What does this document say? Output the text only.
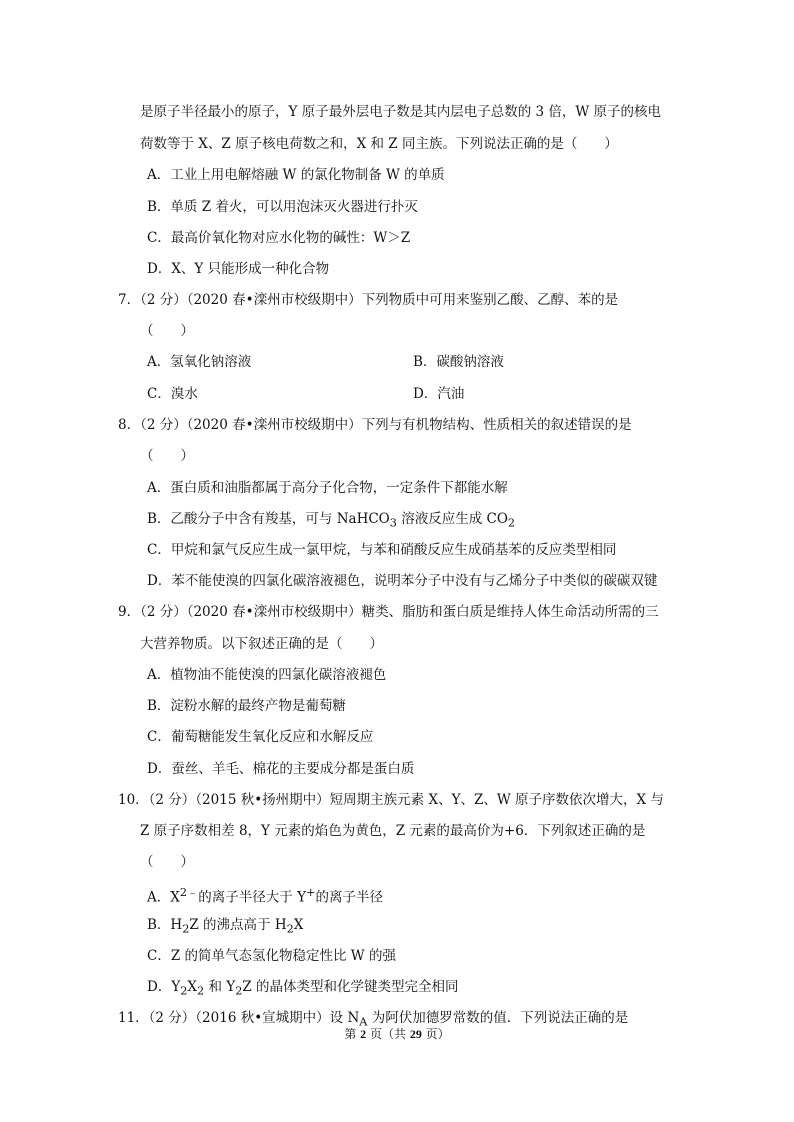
是原子半径最小的原子，Y 原子最外层电子数是其内层电子总数的 3 倍，W 原子的核电
荷数等于 X、Z 原子核电荷数之和，X 和 Z 同主族。下列说法正确的是（　　）
A．工业上用电解熔融 W 的氯化物制备 W 的单质
B．单质 Z 着火，可以用泡沫灭火器进行扑灭
C．最高价氧化物对应水化物的碱性：W＞Z
D．X、Y 只能形成一种化合物
7．（2 分）（2020 春•滦州市校级期中）下列物质中可用来鉴别乙酸、乙醇、苯的是
（　　）
A．氢氧化钠溶液	B．碳酸钠溶液
C．溴水	D．汽油
8．（2 分）（2020 春•滦州市校级期中）下列与有机物结构、性质相关的叙述错误的是
（　　）
A．蛋白质和油脂都属于高分子化合物，一定条件下都能水解
B．乙酸分子中含有羧基，可与 NaHCO$_3$ 溶液反应生成 $CO_2$
C．甲烷和氯气反应生成一氯甲烷，与苯和硝酸反应生成硝基苯的反应类型相同
D．苯不能使溴的四氯化碳溶液褪色，说明苯分子中没有与乙烯分子中类似的碳碳双键
9．（2 分）（2020 春•滦州市校级期中）糖类、脂肪和蛋白质是维持人体生命活动所需的三
大营养物质。以下叙述正确的是（　　）
A．植物油不能使溴的四氯化碳溶液褪色
B．淀粉水解的最终产物是葡萄糖
C．葡萄糖能发生氧化反应和水解反应
D．蚕丝、羊毛、棉花的主要成分都是蛋白质
10．（2 分）（2015 秋•扬州期中）短周期主族元素 X、Y、Z、W 原子序数依次增大，X 与
Z 原子序数相差 8，Y 元素的焰色为黄色，Z 元素的最高价为+6．下列叙述正确的是
（　　）
A．$X^{2﹣}$的离子半径大于 Y+的离子半径
B．$H_2Z$ 的沸点高于 $H_2X$
C．Z 的简单气态氢化物稳定性比 W 的强
D．$Y_2X_2$ 和 $Y_2Z$ 的晶体类型和化学键类型完全相同
11．（2 分）（2016 秋•宣城期中）设 $N_A$ 为阿伏加德罗常数的值．下列说法正确的是
第 2 页（共 29 页）
